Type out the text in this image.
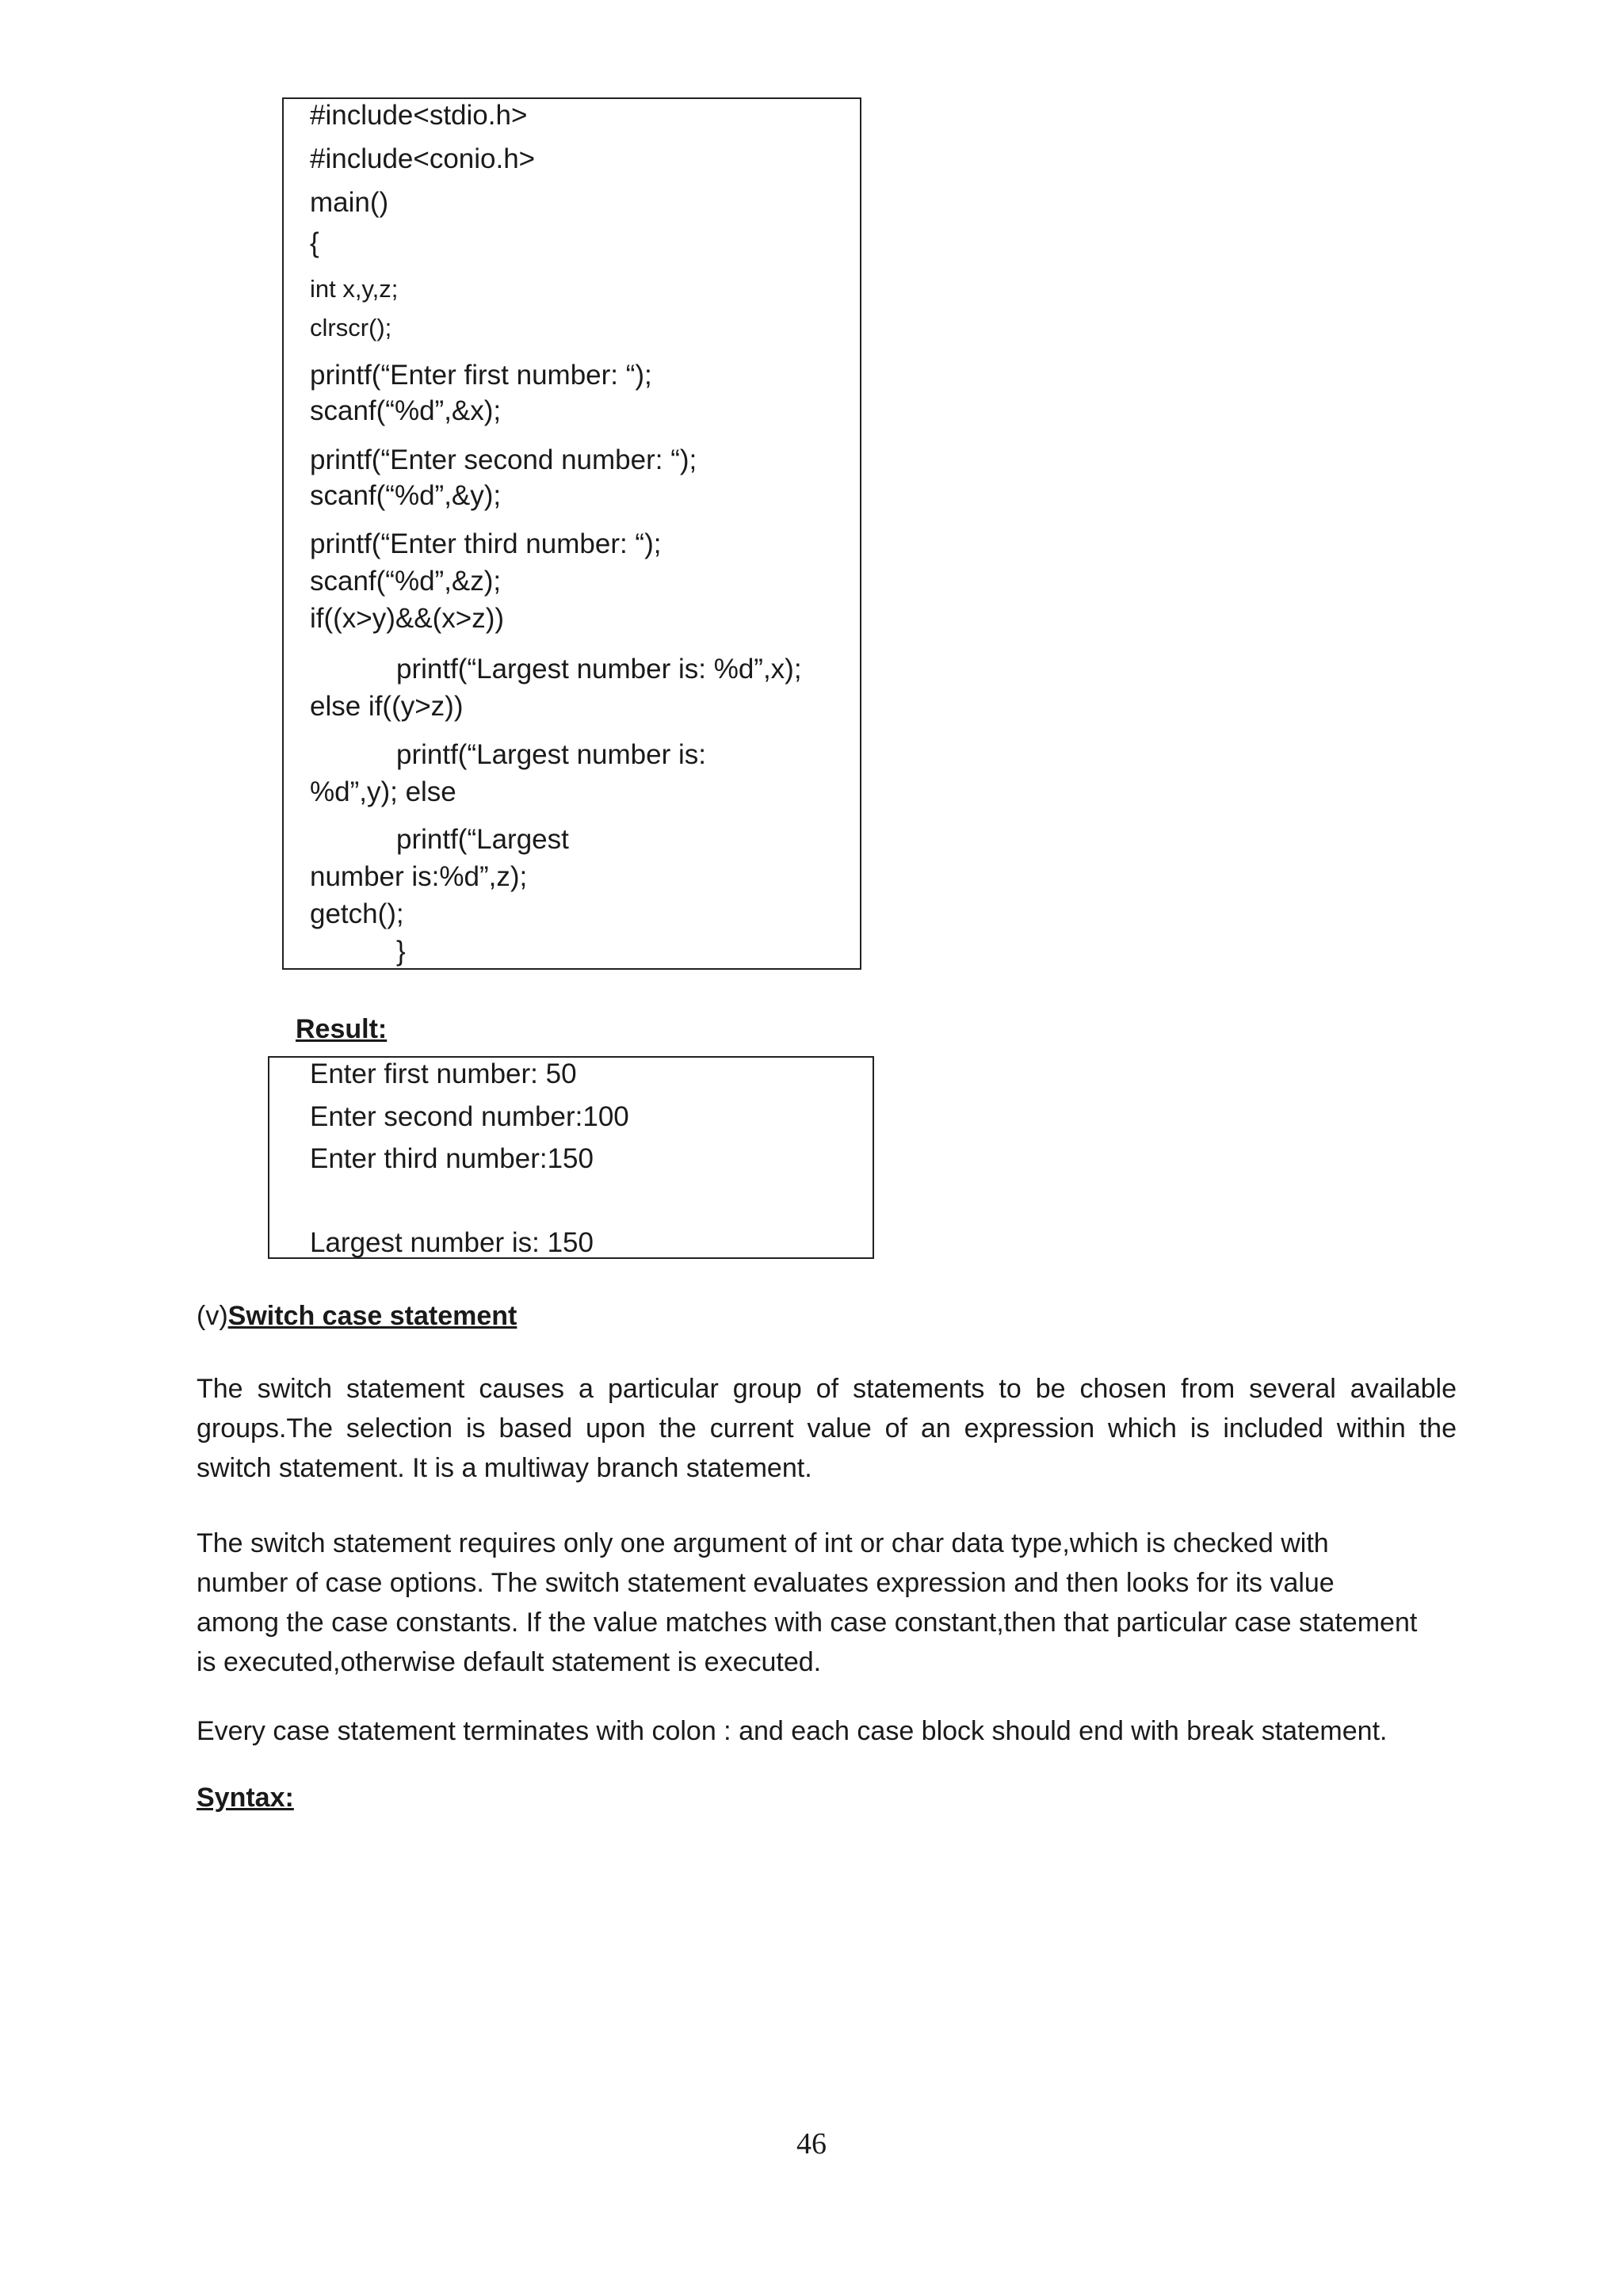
#include<stdio.h>
#include<conio.h>
main()
{
int x,y,z;
clrscr();
printf(“Enter first number: “);
scanf(“%d”,&x);
printf(“Enter second number: “);
scanf(“%d”,&y);
printf(“Enter third number: “);
scanf(“%d”,&z);
if((x>y)&&(x>z))
printf(“Largest number is: %d”,x);
else if((y>z))
printf(“Largest number is:
%d”,y); else
printf(“Largest
number is:%d”,z);
getch();
}
Result:
Enter first number: 50
Enter second number:100
Enter third number:150
Largest number is: 150
(v)Switch case statement
The switch statement causes a particular group of statements to be chosen from several available
groups.The selection is based upon the current value of an expression which is included within the
switch statement. It is a multiway branch statement.
The switch statement requires only one argument of int or char data type,which is checked with
number of case options. The switch statement evaluates expression and then looks for its value
among the case constants. If the value matches with case constant,then that particular case statement
is executed,otherwise default statement is executed.
Every case statement terminates with colon : and each case block should end with break statement.
Syntax:
46
